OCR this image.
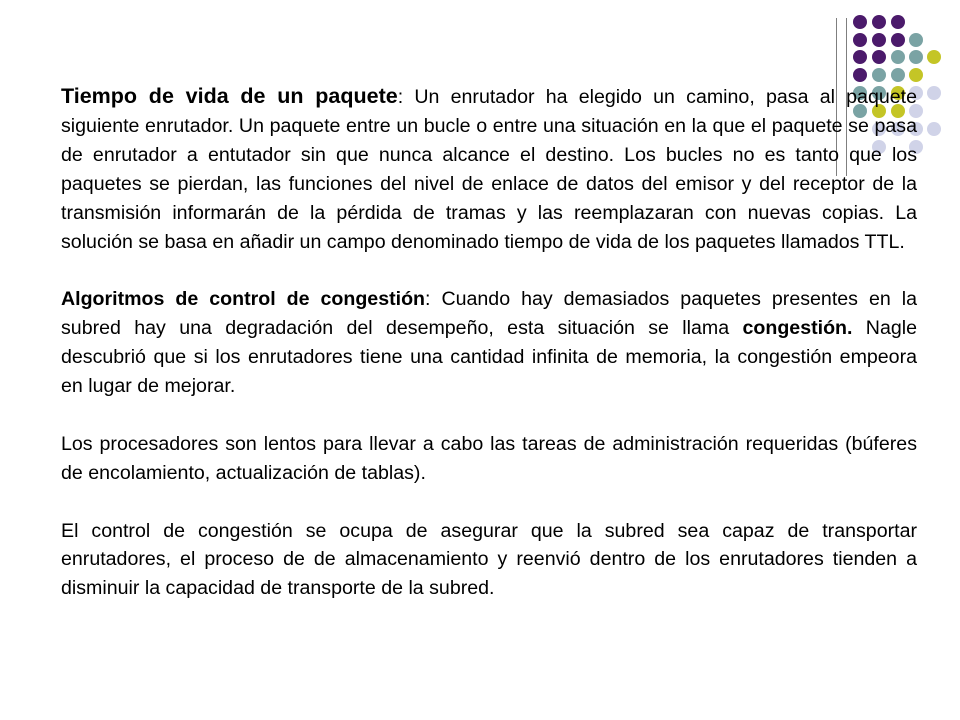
Tiempo de vida de un paquete: Un enrutador ha elegido un camino, pasa al paquete siguiente enrutador. Un paquete entre un bucle o entre una situación en la que el paquete se pasa de enrutador a entutador sin que nunca alcance el destino. Los bucles no es tanto que los paquetes se pierdan, las funciones del nivel de enlace de datos del emisor y del receptor de la transmisión informarán de la pérdida de tramas y las reemplazaran con nuevas copias. La solución se basa en añadir un campo denominado tiempo de vida de los paquetes llamados TTL.

Algoritmos de control de congestión: Cuando hay demasiados paquetes presentes en la subred hay una degradación del desempeño, esta situación se llama congestión. Nagle descubrió que si los enrutadores tiene una cantidad infinita de memoria, la congestión empeora en lugar de mejorar.

Los procesadores son lentos para llevar a cabo las tareas de administración requeridas (búferes de encolamiento, actualización de tablas).

El control de congestión se ocupa de asegurar que la subred sea capaz de transportar enrutadores, el proceso de de almacenamiento y reenvió dentro de los enrutadores tienden a disminuir la capacidad de transporte de la subred.
